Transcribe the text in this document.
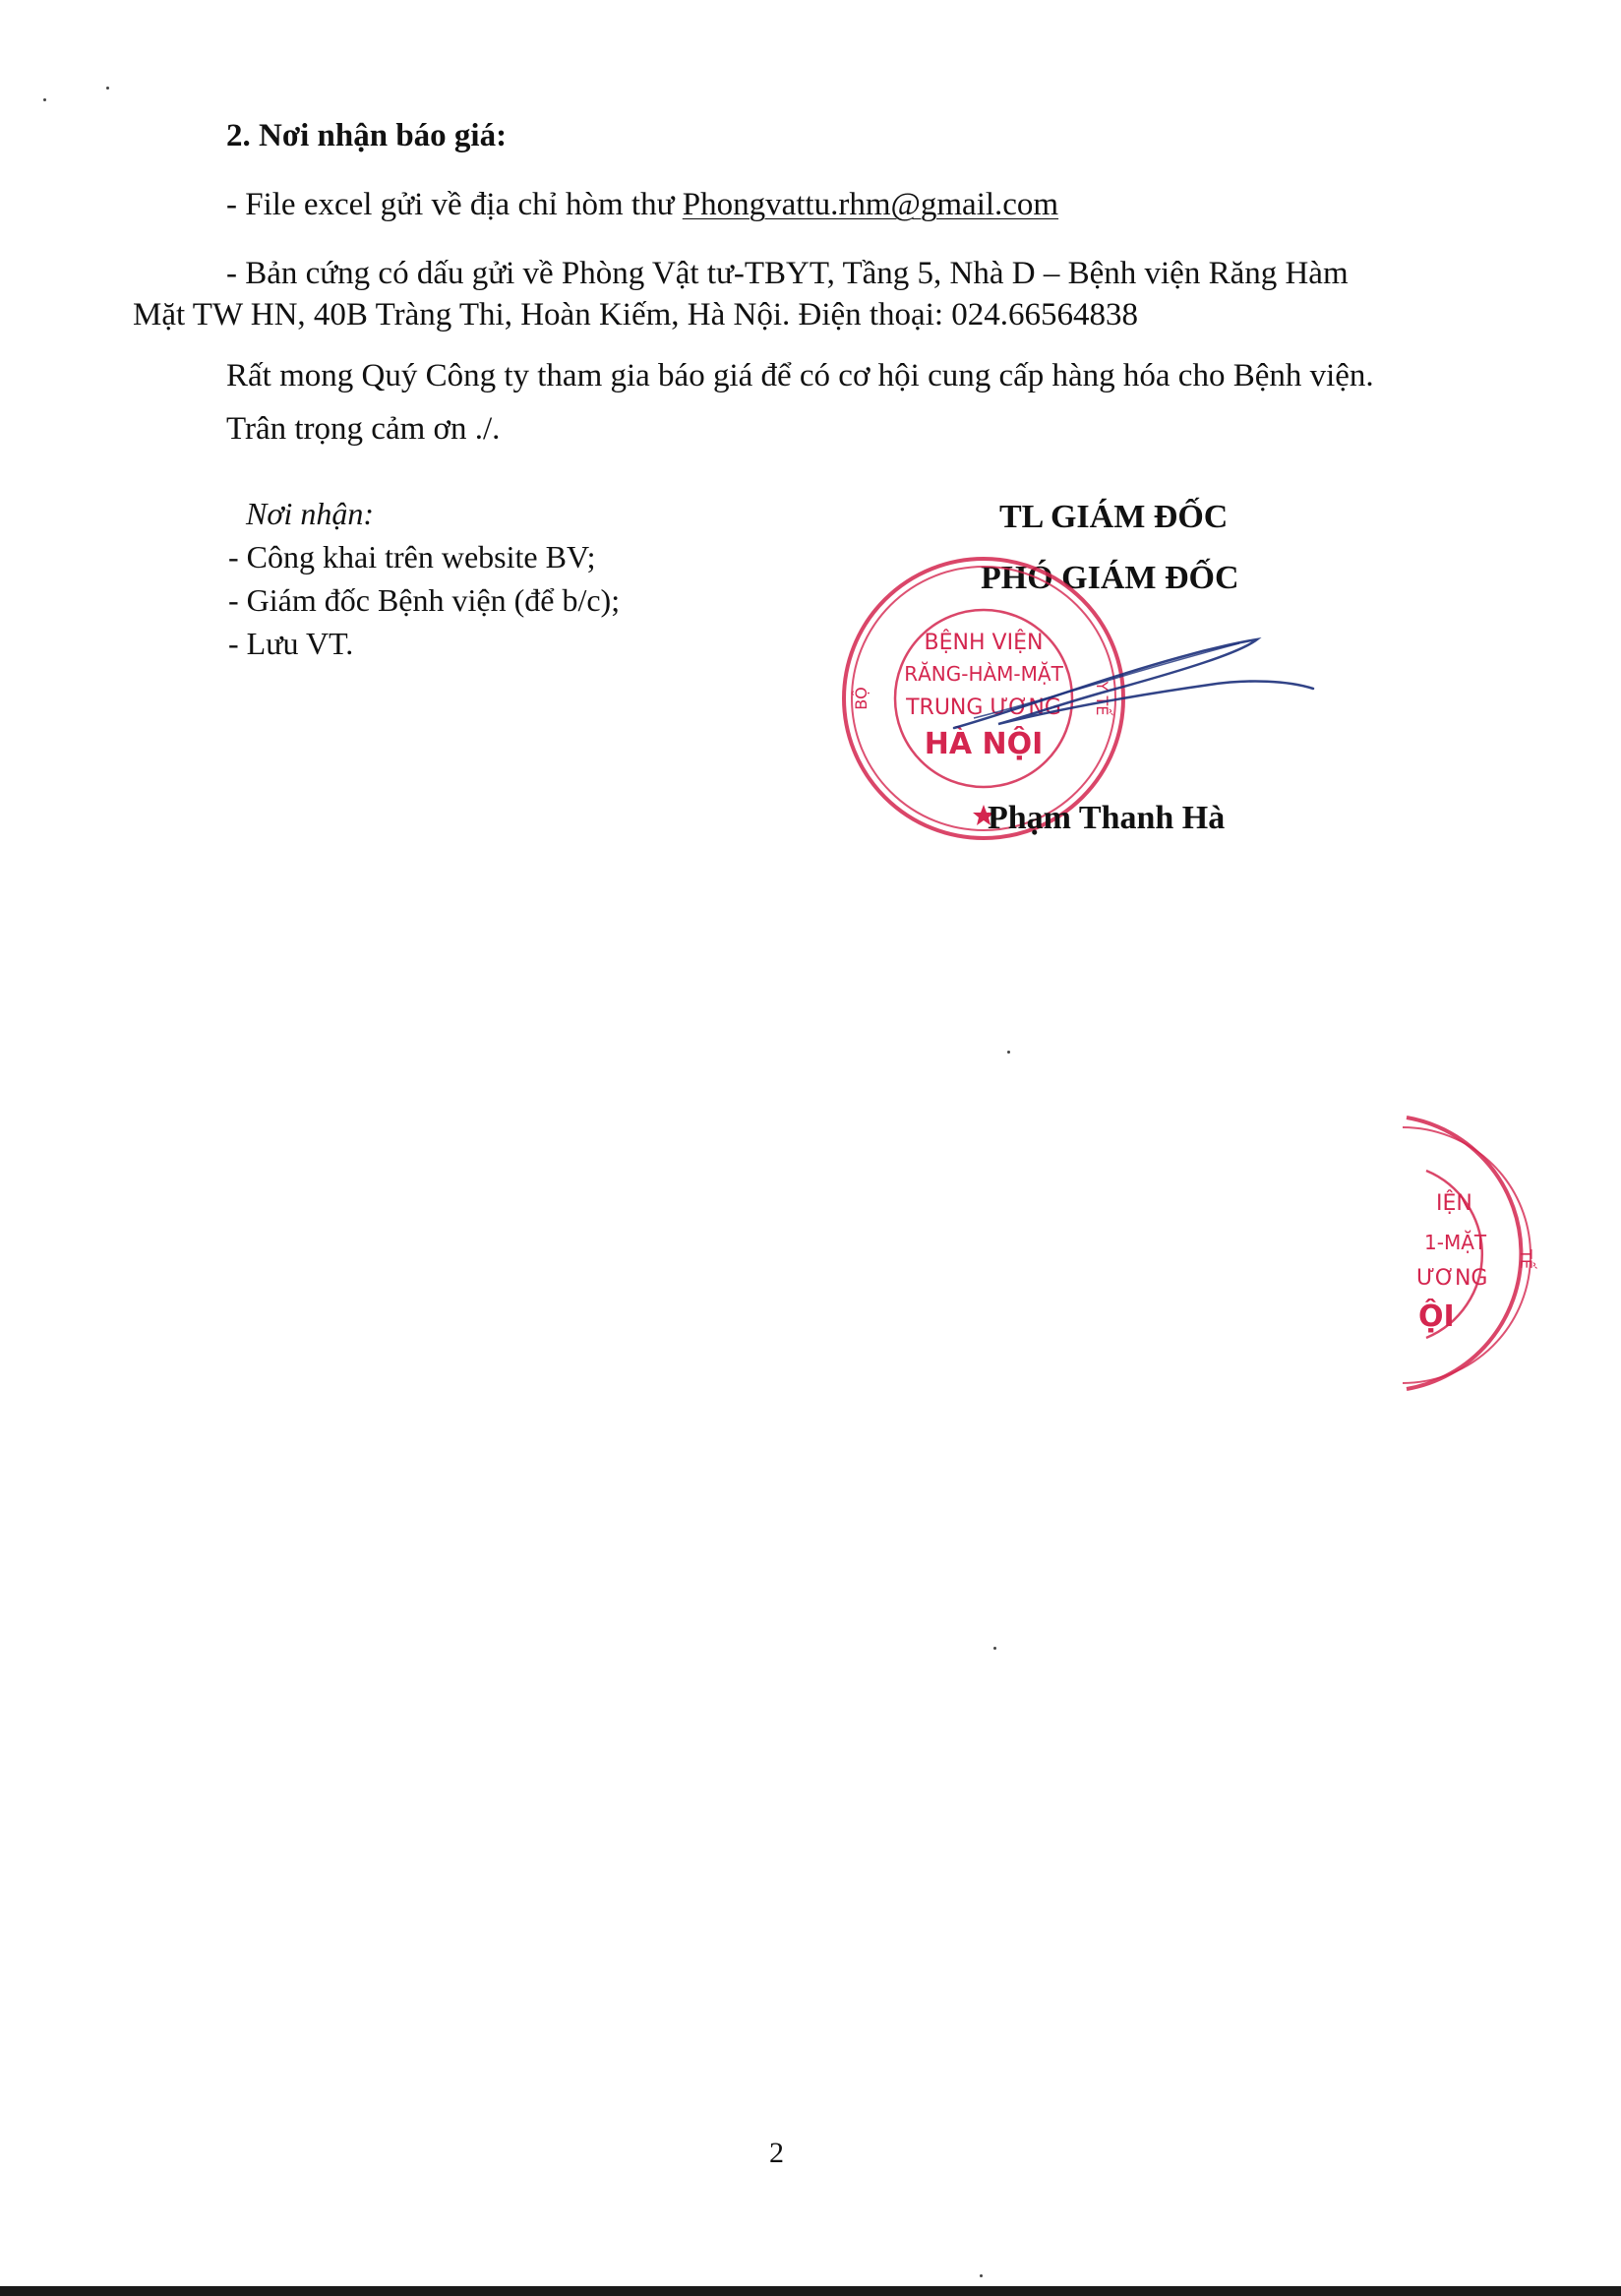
2. Nơi nhận báo giá:
- File excel gửi về địa chỉ hòm thư Phongvattu.rhm@gmail.com
- Bản cứng có dấu gửi về Phòng Vật tư-TBYT, Tầng 5, Nhà D – Bệnh viện Răng Hàm
Mặt TW HN, 40B Tràng Thi, Hoàn Kiếm, Hà Nội. Điện thoại: 024.66564838
Rất mong Quý Công ty tham gia báo giá để có cơ hội cung cấp hàng hóa cho Bệnh viện.
Trân trọng cảm ơn ./.
Nơi nhận:
- Công khai trên website BV;
- Giám đốc Bệnh viện (để b/c);
- Lưu VT.
TL GIÁM ĐỐC
PHÓ GIÁM ĐỐC
BỘ	Y TẾ
BỆNH VIỆN
RĂNG-HÀM-MẶT
TRUNG ƯƠNG
HÀ NỘI
Phạm Thanh Hà
IỆN
1-MẶT
ƯƠNG
ỘI
TẾ
2
